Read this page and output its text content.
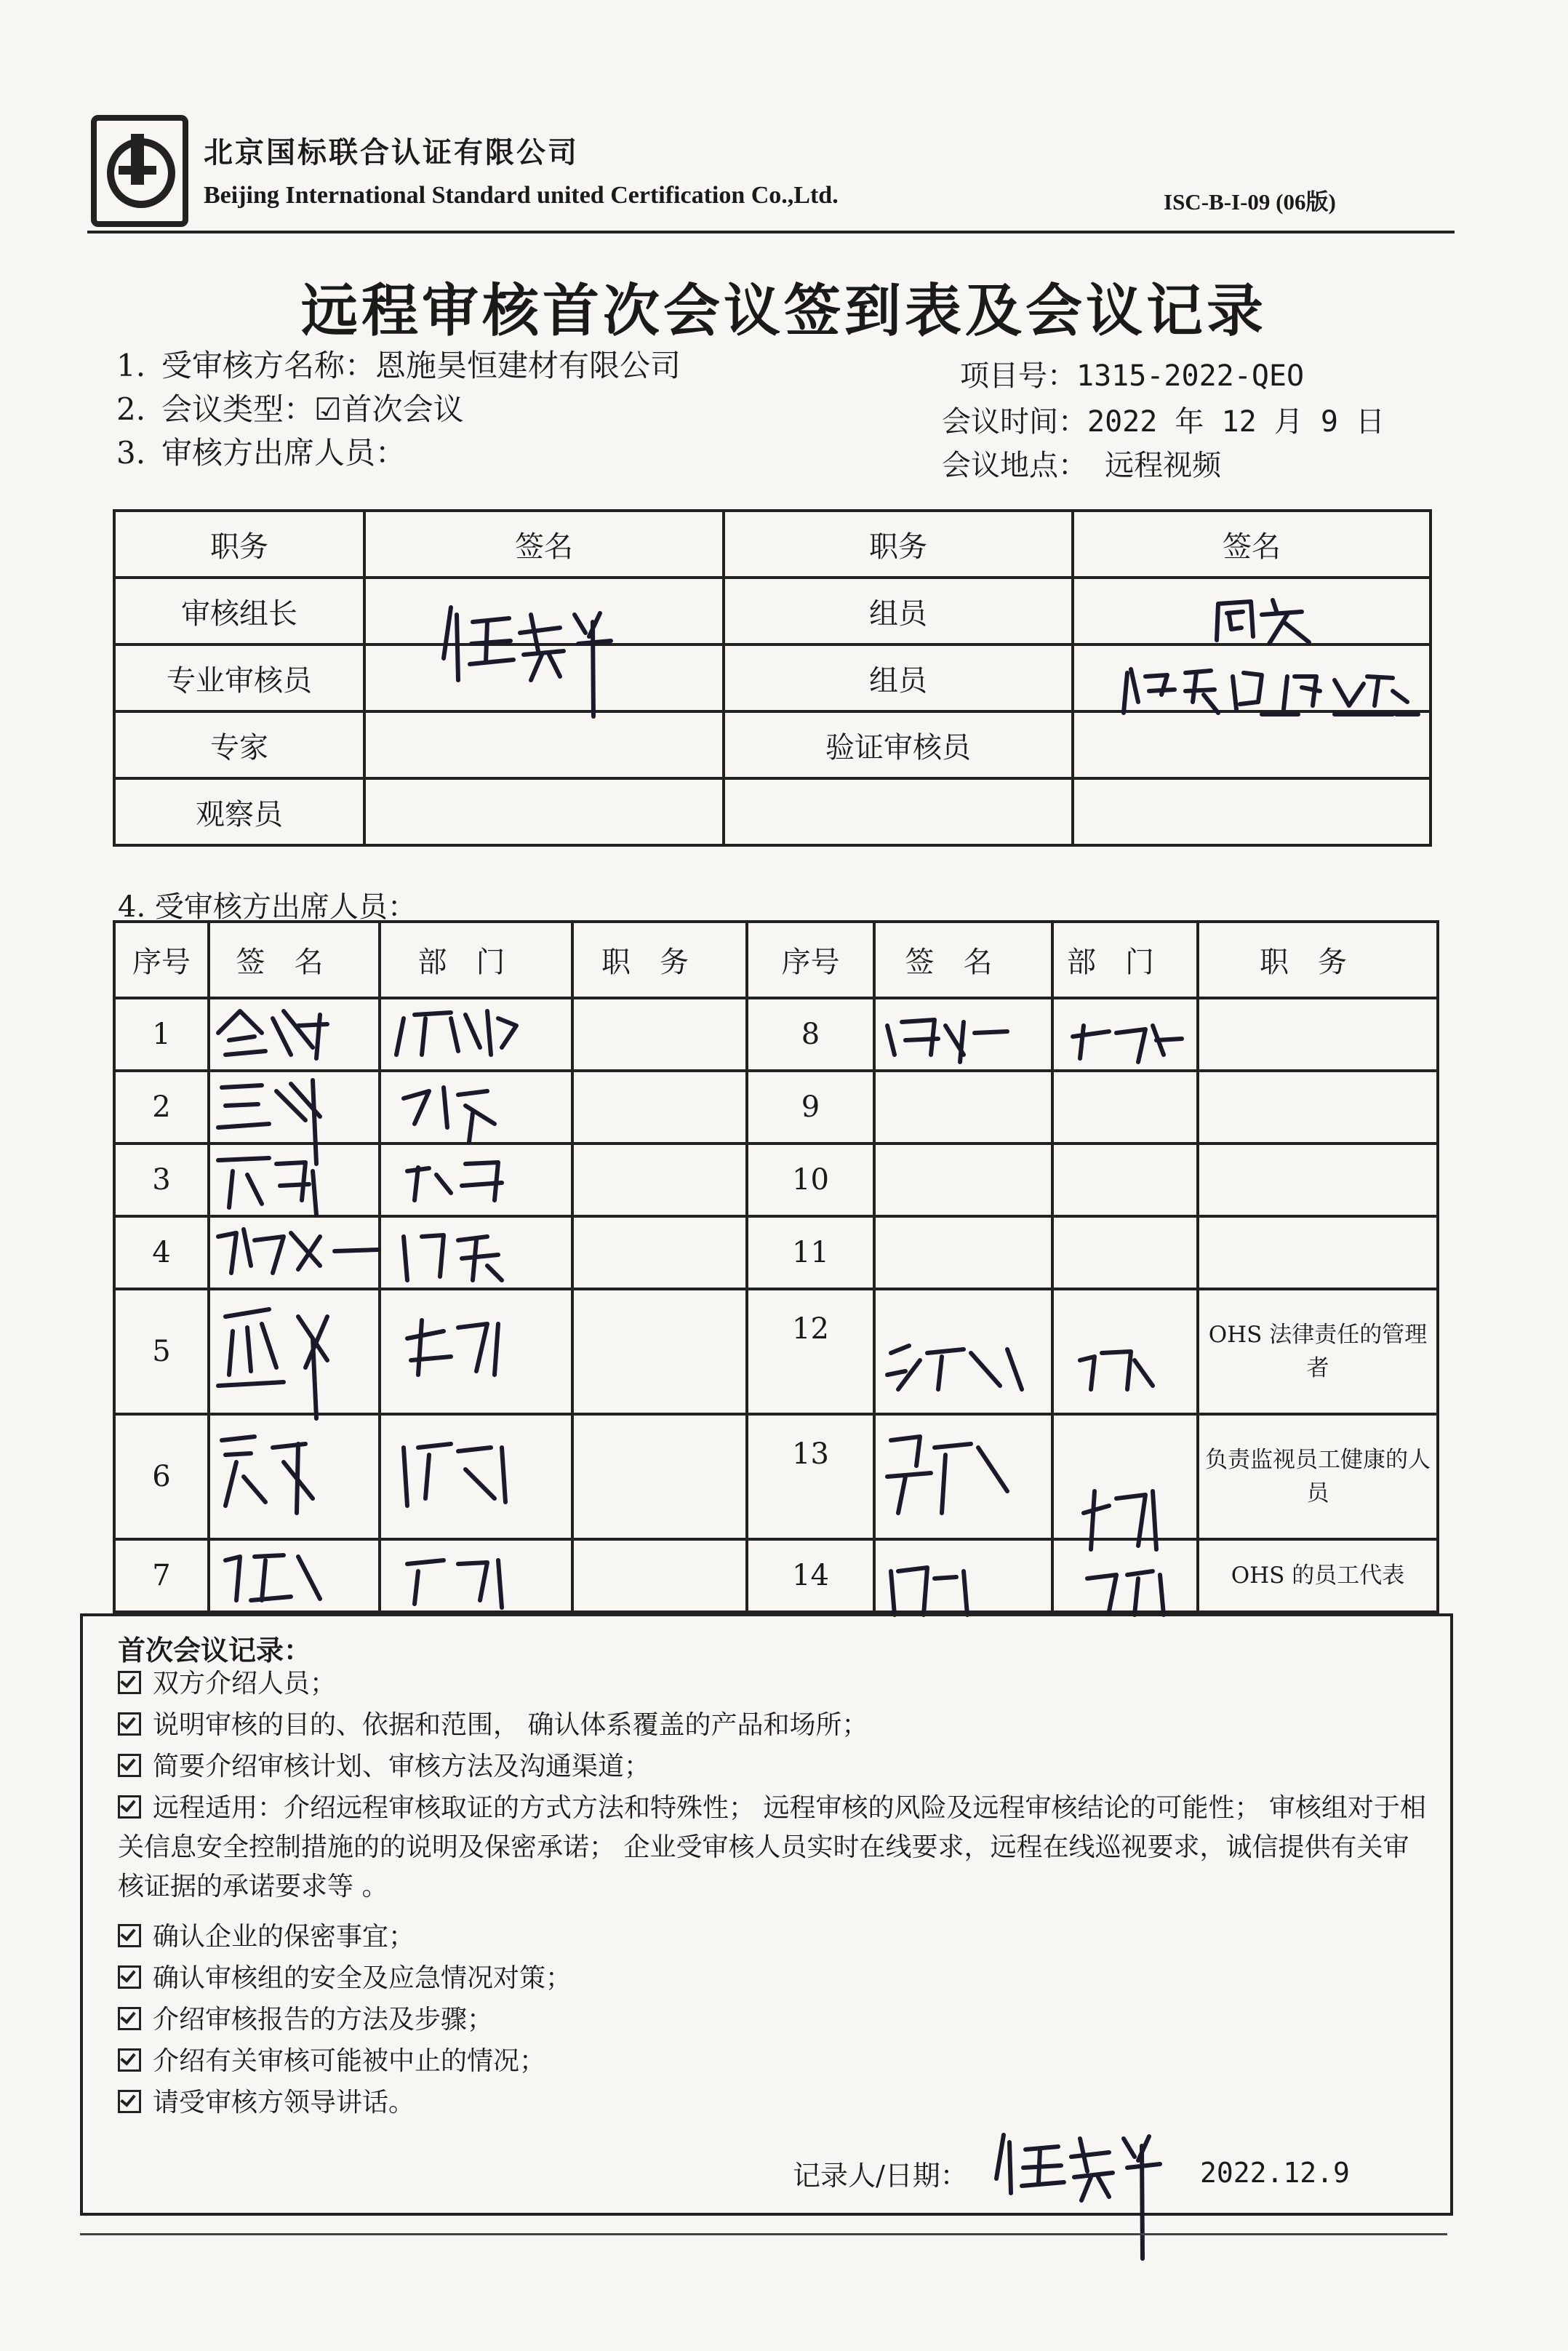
北京国标联合认证有限公司
Beijing International Standard united Certification Co.,Ltd.	ISC-B-I-09 (06版)
远程审核首次会议签到表及会议记录
1. 受审核方名称：恩施昊恒建材有限公司
2. 会议类型：☑首次会议
3. 审核方出席人员：
项目号：1315-2022-QEO
会议时间：2022 年 12 月 9 日
会议地点： 远程视频
职务	签名	职务	签名
审核组长		组员	
专业审核员		组员	
专家		验证审核员	
观察员			
4. 受审核方出席人员：
序号	签名	部门	职务	序号	签名	部门	职务
1				8			
2				9			
3				10			
4				11			
5				12			OHS 法律责任的管理者
6				13			负责监视员工健康的人员
7				14			OHS 的员工代表
首次会议记录：
双方介绍人员；
说明审核的目的、依据和范围， 确认体系覆盖的产品和场所；
简要介绍审核计划、审核方法及沟通渠道；
远程适用：介绍远程审核取证的方式方法和特殊性； 远程审核的风险及远程审核结论的可能性； 审核组对于相关信息安全控制措施的的说明及保密承诺； 企业受审核人员实时在线要求，远程在线巡视要求，诚信提供有关审核证据的承诺要求等 。
确认企业的保密事宜；
确认审核组的安全及应急情况对策；
介绍审核报告的方法及步骤；
介绍有关审核可能被中止的情况；
请受审核方领导讲话。
记录人/日期：	2022.12.9
